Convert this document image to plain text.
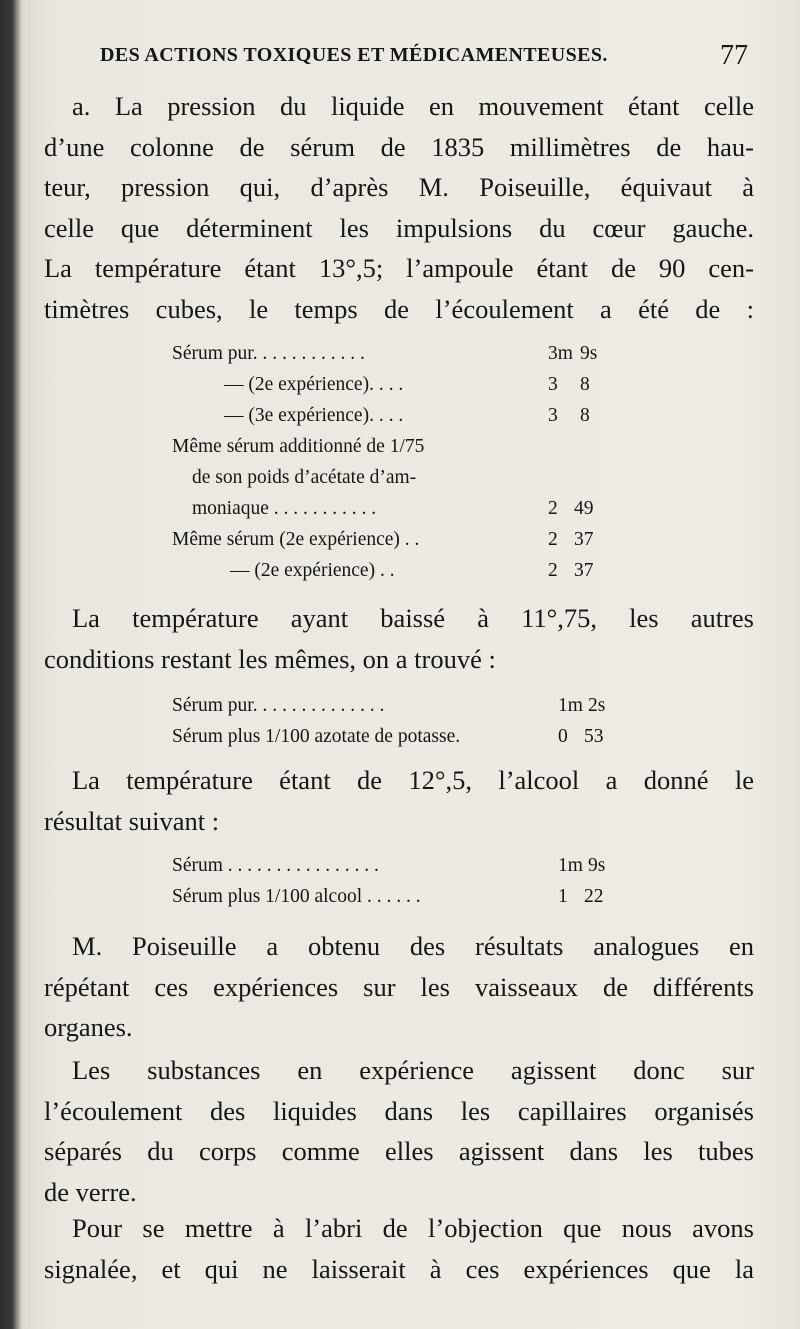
DES ACTIONS TOXIQUES ET MÉDICAMENTEUSES.	77
a. La pression du liquide en mouvement étant celle
d’une colonne de sérum de 1835 millimètres de hau-
teur, pression qui, d’après M. Poiseuille, équivaut à
celle que déterminent les impulsions du cœur gauche.
La température étant 13°,5; l’ampoule étant de 90 cen-
timètres cubes, le temps de l’écoulement a été de :
Sérum pur. . . . . . . . . . . .	3m 9s
— (2e expérience). . . .	3 8
— (3e expérience). . . .	3 8
Même sérum additionné de 1/75
de son poids d’acétate d’am-
moniaque . . . . . . . . . . .	2 49
Même sérum (2e expérience) . .	2 37
— (2e expérience) . .	2 37
La température ayant baissé à 11°,75, les autres
conditions restant les mêmes, on a trouvé :
Sérum pur. . . . . . . . . . . . . .	1m 2s
Sérum plus 1/100 azotate de potasse.	0 53
La température étant de 12°,5, l’alcool a donné le
résultat suivant :
Sérum . . . . . . . . . . . . . . . .	1m 9s
Sérum plus 1/100 alcool . . . . . .	1 22
M. Poiseuille a obtenu des résultats analogues en
répétant ces expériences sur les vaisseaux de différents
organes.
Les substances en expérience agissent donc sur
l’écoulement des liquides dans les capillaires organisés
séparés du corps comme elles agissent dans les tubes
de verre.
Pour se mettre à l’abri de l’objection que nous avons
signalée, et qui ne laisserait à ces expériences que la
